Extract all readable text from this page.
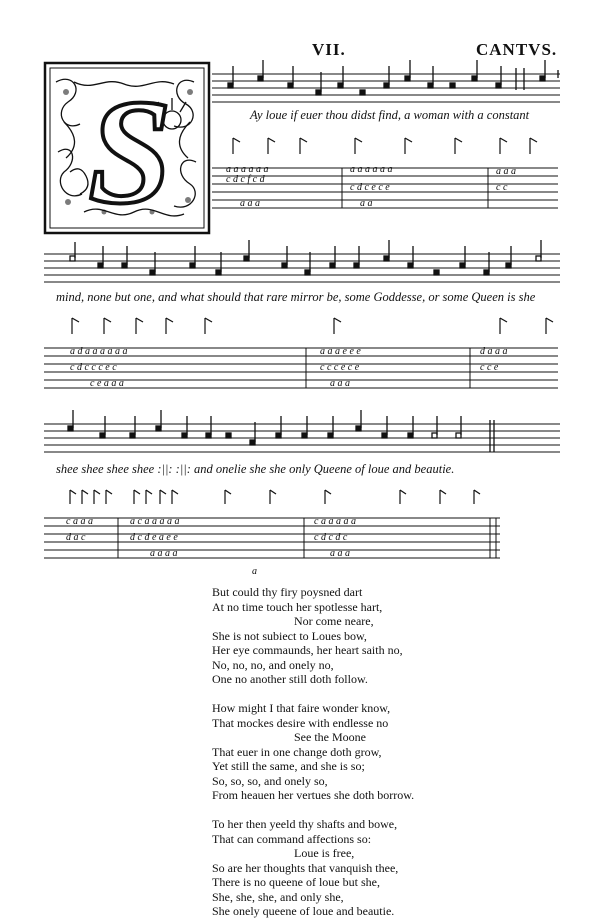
VII.	CANTVS.
S	Ay loue if euer thou didst find, a woman with a constant
a a a a a a
c d c f c d
a a a
a a a a a a
c d c e c e
a a
a a a
c c
mind, none but one, and what should that rare mirror be, some Goddesse, or some Queen is she
a d a a a a a a
c d c c c e c
c e a a a
a a a e e e
c c c e c e
a a a
d a a a
c c e
shee shee shee shee :||: :||: and onelie she she only Queene of loue and beautie.
c a a a
d a c
a c a a a a a
d c d e a e e
a a a a
c a a a a a
c d c d c
a a a
a
But could thy firy poysned dart
At no time touch her spotlesse hart,
Nor come neare,
She is not subiect to Loues bow,
Her eye commaunds, her heart saith no,
No, no, no, and onely no,
One no another still doth follow.
How might I that faire wonder know,
That mockes desire with endlesse no
See the Moone
That euer in one change doth grow,
Yet still the same, and she is so;
So, so, so, and onely so,
From heauen her vertues she doth borrow.
To her then yeeld thy shafts and bowe,
That can command affections so:
Loue is free,
So are her thoughts that vanquish thee,
There is no queene of loue but she,
She, she, she, and only she,
She onely queene of loue and beautie.
